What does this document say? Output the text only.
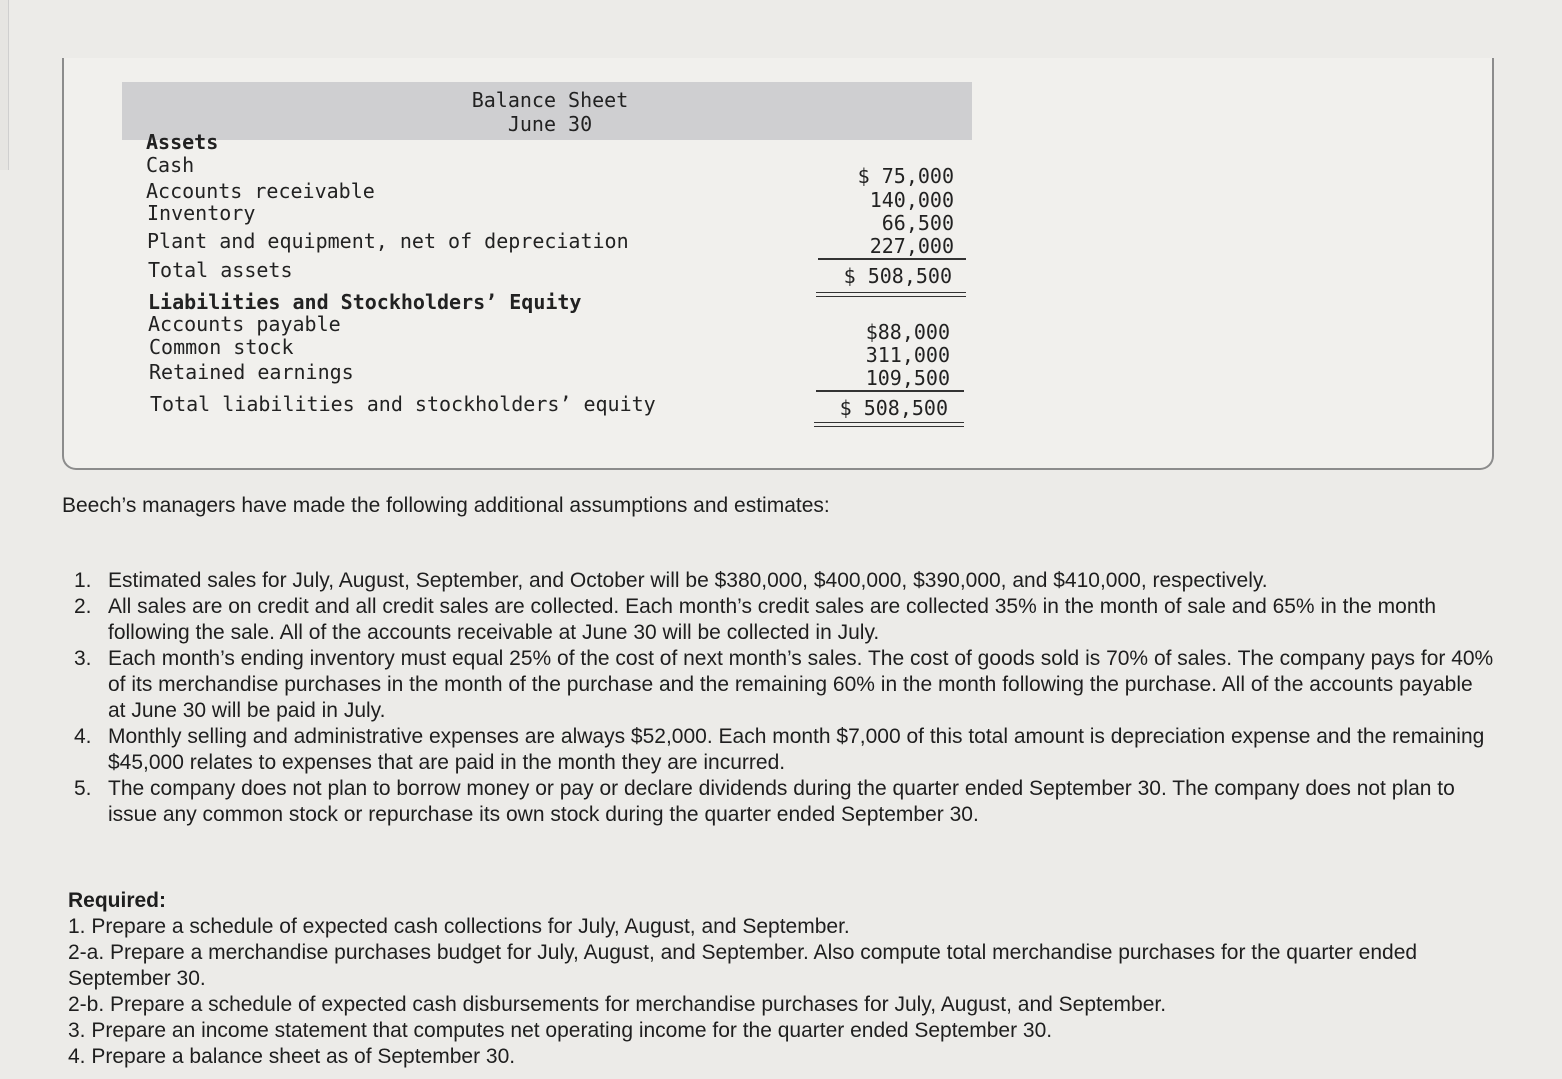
Balance Sheet
June 30
Assets
Cash
Accounts receivable
Inventory
Plant and equipment, net of depreciation
$ 75,000
140,000
66,500
227,000
Total assets	$ 508,500
Liabilities and Stockholders’ Equity
Accounts payable
Common stock
Retained earnings
$88,000
311,000
109,500
Total liabilities and stockholders’ equity	$ 508,500
Beech’s managers have made the following additional assumptions and estimates:
1. Estimated sales for July, August, September, and October will be $380,000, $400,000, $390,000, and $410,000, respectively.
2. All sales are on credit and all credit sales are collected. Each month’s credit sales are collected 35% in the month of sale and 65% in the month following the sale. All of the accounts receivable at June 30 will be collected in July.
3. Each month’s ending inventory must equal 25% of the cost of next month’s sales. The cost of goods sold is 70% of sales. The company pays for 40% of its merchandise purchases in the month of the purchase and the remaining 60% in the month following the purchase. All of the accounts payable at June 30 will be paid in July.
4. Monthly selling and administrative expenses are always $52,000. Each month $7,000 of this total amount is depreciation expense and the remaining $45,000 relates to expenses that are paid in the month they are incurred.
5. The company does not plan to borrow money or pay or declare dividends during the quarter ended September 30. The company does not plan to issue any common stock or repurchase its own stock during the quarter ended September 30.
Required:
1. Prepare a schedule of expected cash collections for July, August, and September.
2-a. Prepare a merchandise purchases budget for July, August, and September. Also compute total merchandise purchases for the quarter ended September 30.
2-b. Prepare a schedule of expected cash disbursements for merchandise purchases for July, August, and September.
3. Prepare an income statement that computes net operating income for the quarter ended September 30.
4. Prepare a balance sheet as of September 30.
